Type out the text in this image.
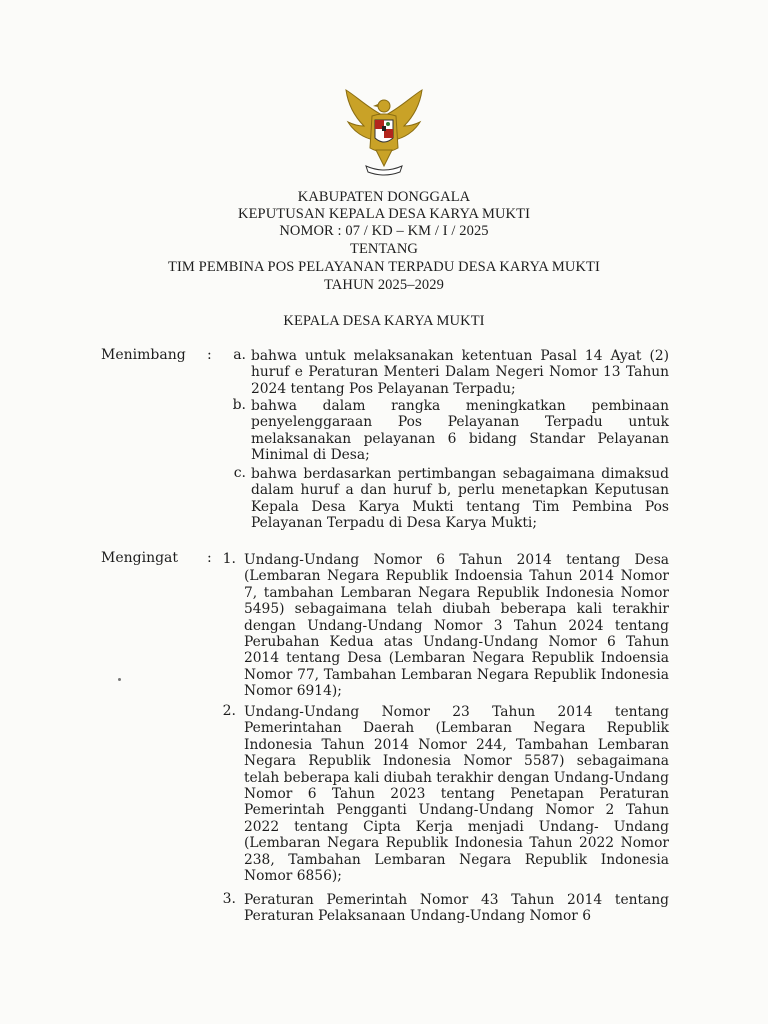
KABUPATEN DONGGALA
KEPUTUSAN KEPALA DESA KARYA MUKTI
NOMOR : 07 / KD – KM / I / 2025
TENTANG
TIM PEMBINA POS PELAYANAN TERPADU DESA KARYA MUKTI
TAHUN 2025–2029
KEPALA DESA KARYA MUKTI
Menimbang :	a. bahwa untuk melaksanakan ketentuan Pasal 14 Ayat (2) huruf e Peraturan Menteri Dalam Negeri Nomor 13 Tahun 2024 tentang Pos Pelayanan Terpadu;
b. bahwa dalam rangka meningkatkan pembinaan penyelenggaraan Pos Pelayanan Terpadu untuk melaksanakan pelayanan 6 bidang Standar Pelayanan Minimal di Desa;
c. bahwa berdasarkan pertimbangan sebagaimana dimaksud dalam huruf a dan huruf b, perlu menetapkan Keputusan Kepala Desa Karya Mukti tentang Tim Pembina Pos Pelayanan Terpadu di Desa Karya Mukti;
Mengingat : 1. Undang-Undang Nomor 6 Tahun 2014 tentang Desa (Lembaran Negara Republik Indoensia Tahun 2014 Nomor 7, tambahan Lembaran Negara Republik Indonesia Nomor 5495) sebagaimana telah diubah beberapa kali terakhir dengan Undang-Undang Nomor 3 Tahun 2024 tentang Perubahan Kedua atas Undang-Undang Nomor 6 Tahun 2014 tentang Desa (Lembaran Negara Republik Indoensia Nomor 77, Tambahan Lembaran Negara Republik Indonesia Nomor 6914);
2. Undang-Undang Nomor 23 Tahun 2014 tentang Pemerintahan Daerah (Lembaran Negara Republik Indonesia Tahun 2014 Nomor 244, Tambahan Lembaran Negara Republik Indonesia Nomor 5587) sebagaimana telah beberapa kali diubah terakhir dengan Undang-Undang Nomor 6 Tahun 2023 tentang Penetapan Peraturan Pemerintah Pengganti Undang-Undang Nomor 2 Tahun 2022 tentang Cipta Kerja menjadi Undang- Undang (Lembaran Negara Republik Indonesia Tahun 2022 Nomor 238, Tambahan Lembaran Negara Republik Indonesia Nomor 6856);
3. Peraturan Pemerintah Nomor 43 Tahun 2014 tentang Peraturan Pelaksanaan Undang-Undang Nomor 6
